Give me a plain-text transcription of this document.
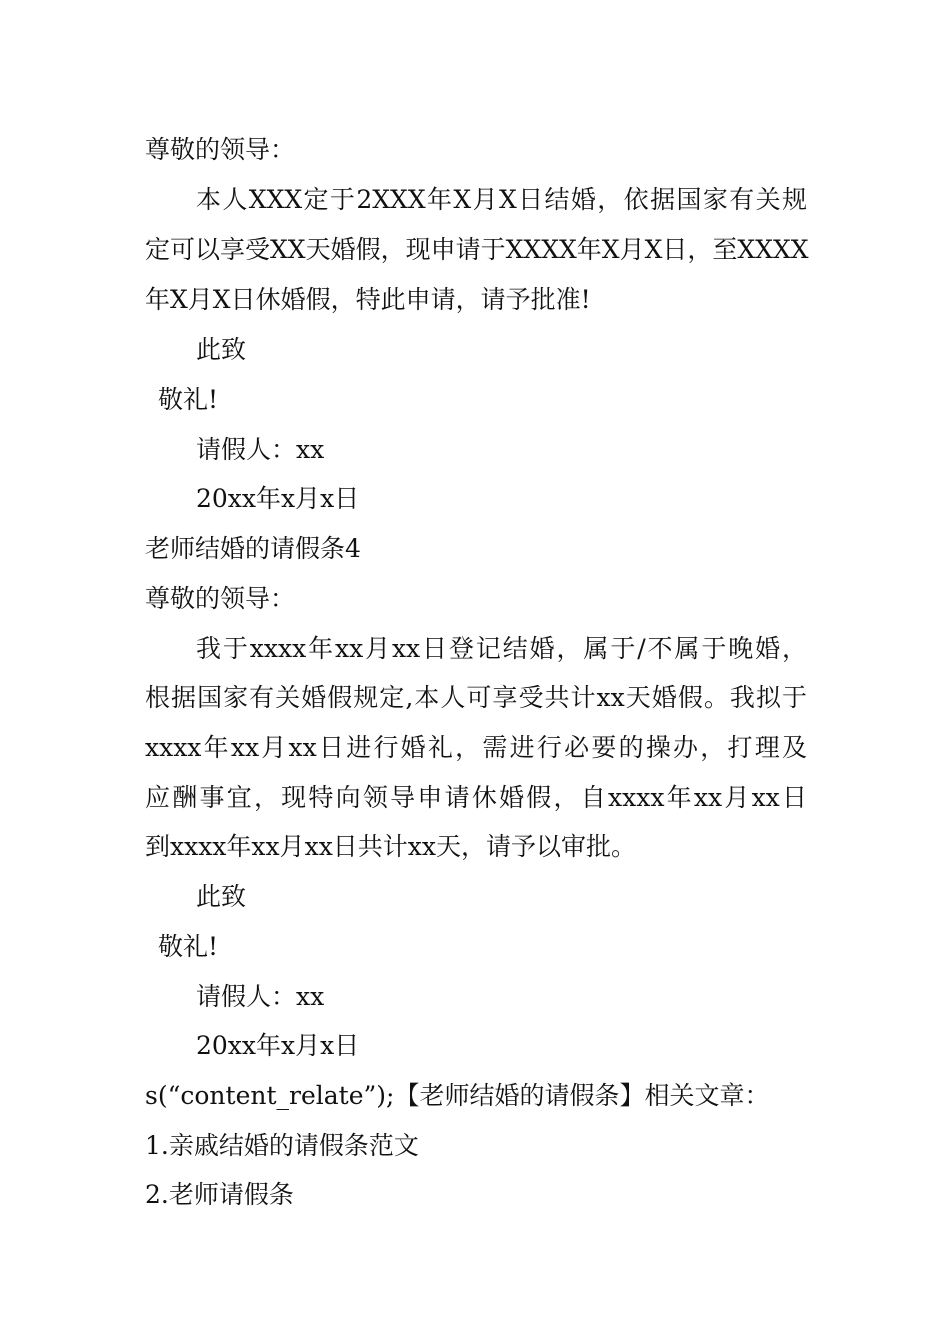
尊敬的领导：
本人XXX定于2XXX年X月X日结婚，依据国家有关规
定可以享受XX天婚假，现申请于XXXX年X月X日，至XXXX
年X月X日休婚假，特此申请，请予批准!
此致
敬礼!
请假人：xx
20xx年x月x日
老师结婚的请假条4
尊敬的领导：
我于xxxx年xx月xx日登记结婚，属于/不属于晚婚，
根据国家有关婚假规定,本人可享受共计xx天婚假。我拟于
xxxx年xx月xx日进行婚礼，需进行必要的操办，打理及
应酬事宜，现特向领导申请休婚假，自xxxx年xx月xx日
到xxxx年xx月xx日共计xx天，请予以审批。
此致
敬礼!
请假人：xx
20xx年x月x日
s(“content_relate”);【老师结婚的请假条】相关文章：
1.亲戚结婚的请假条范文
2.老师请假条
